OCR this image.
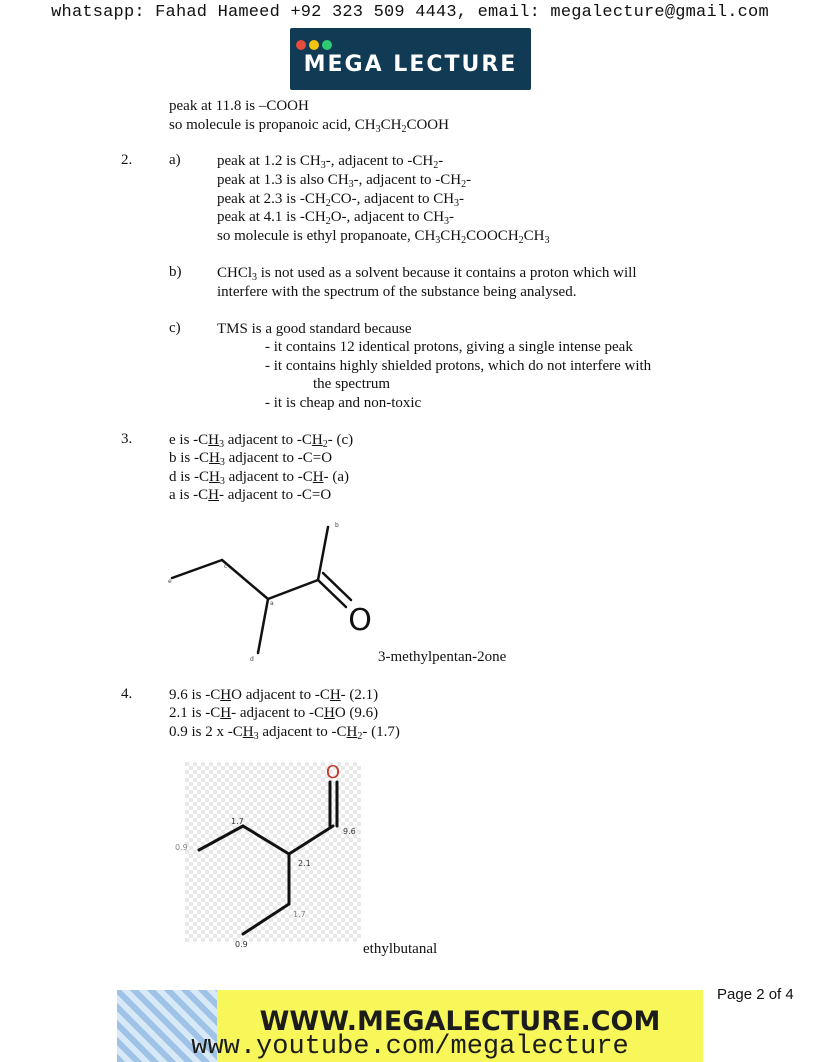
whatsapp: Fahad Hameed +92 323 509 4443, email: megalecture@gmail.com
MEGA LECTURE
peak at 11.8 is –COOH
so molecule is propanoic acid, $CH_3CH_2COOH$
2. a) peak at 1.2 is $CH_3-$, adjacent to $-CH_2-$
peak at 1.3 is also $CH_3-$, adjacent to $-CH_2-$
peak at 2.3 is $-CH_2CO-$, adjacent to $CH_3-$
peak at 4.1 is $-CH_2O-$, adjacent to $CH_3-$
so molecule is ethyl propanoate, $CH_3CH_2COOCH_2CH_3$
b) CHCl$_3$ is not used as a solvent because it contains a proton which will
interfere with the spectrum of the substance being analysed.
c) TMS is a good standard because
- it contains 12 identical protons, giving a single intense peak
- it contains highly shielded protons, which do not interfere with
the spectrum
- it is cheap and non-toxic
3. e is $-CH_3$ adjacent to $-CH_2-$ (c)
b is $-CH_3$ adjacent to -C=O
d is $-CH_3$ adjacent to -CH- (a)
a is -CH- adjacent to -C=O
O
b
c
e
a
d	3-methylpentan-2one
4. 9.6 is -CHO adjacent to -CH- (2.1)
2.1 is -CH- adjacent to -CHO (9.6)
0.9 is 2 x $-CH_3$ adjacent to $-CH_2-$ (1.7)
O
1.7
9.6
0.9
2.1
1.7
0.9	ethylbutanal
Page 2 of 4
WWW.MEGALECTURE.COM
www.youtube.com/megalecture
